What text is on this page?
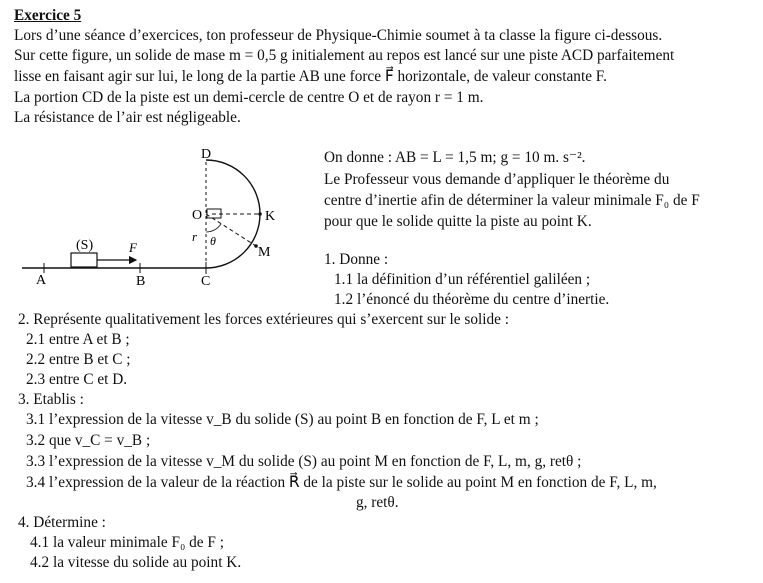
Exercice 5
Lors d’une séance d’exercices, ton professeur de Physique-Chimie soumet à ta classe la figure ci-dessous.
Sur cette figure, un solide de mase m = 0,5 g initialement au repos est lancé sur une piste ACD parfaitement
lisse en faisant agir sur lui, le long de la partie AB une force F⃗ horizontale, de valeur constante F.
La portion CD de la piste est un demi-cercle de centre O et de rayon r = 1 m.
La résistance de l’air est négligeable.
D
O	K
M
r θ
(S)	F⃗
A	B	C
On donne : AB = L = 1,5 m; g = 10 m. s⁻².
Le Professeur vous demande d’appliquer le théorème du
centre d’inertie afin de déterminer la valeur minimale F₀ de F
pour que le solide quitte la piste au point K.
1. Donne :
1.1 la définition d’un référentiel galiléen ;
1.2 l’énoncé du théorème du centre d’inertie.
2. Représente qualitativement les forces extérieures qui s’exercent sur le solide :
2.1 entre A et B ;
2.2 entre B et C ;
2.3 entre C et D.
3. Etablis :
3.1 l’expression de la vitesse v_B du solide (S) au point B en fonction de F, L et m ;
3.2 que v_C = v_B ;
3.3 l’expression de la vitesse v_M du solide (S) au point M en fonction de F, L, m, g, retθ ;
3.4 l’expression de la valeur de la réaction R⃗ de la piste sur le solide au point M en fonction de F, L, m,
g, retθ.
4. Détermine :
4.1 la valeur minimale F₀ de F ;
4.2 la vitesse du solide au point K.
